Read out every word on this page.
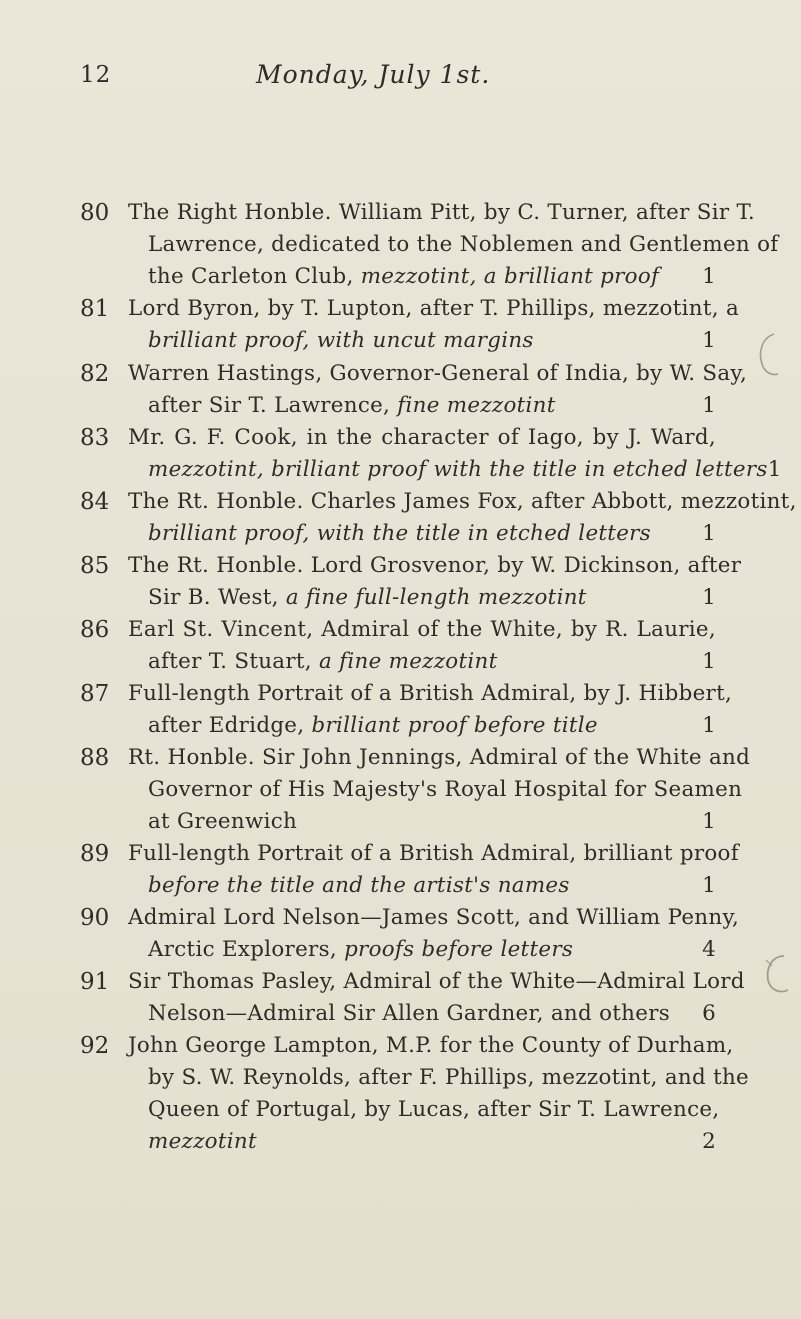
12	Monday, July 1st.
80 The Right Honble. William Pitt, by C. Turner, after Sir T.
Lawrence, dedicated to the Noblemen and Gentlemen of
the Carleton Club, mezzotint, a brilliant proof 1
81 Lord Byron, by T. Lupton, after T. Phillips, mezzotint, a
brilliant proof, with uncut margins	1
82 Warren Hastings, Governor-General of India, by W. Say,
after Sir T. Lawrence, fine mezzotint	1
83 Mr. G. F. Cook, in the character of Iago, by J. Ward,
mezzotint, brilliant proof with the title in etched letters 1
84 The Rt. Honble. Charles James Fox, after Abbott, mezzotint,
brilliant proof, with the title in etched letters 1
85 The Rt. Honble. Lord Grosvenor, by W. Dickinson, after
Sir B. West, a fine full-length mezzotint	1
86 Earl St. Vincent, Admiral of the White, by R. Laurie,
after T. Stuart, a fine mezzotint	1
87 Full-length Portrait of a British Admiral, by J. Hibbert,
after Edridge, brilliant proof before title	1
88 Rt. Honble. Sir John Jennings, Admiral of the White and
Governor of His Majesty's Royal Hospital for Seamen
at Greenwich	1
89 Full-length Portrait of a British Admiral, brilliant proof
before the title and the artist's names	1
90 Admiral Lord Nelson—James Scott, and William Penny,
Arctic Explorers, proofs before letters	4
91 Sir Thomas Pasley, Admiral of the White—Admiral Lord
Nelson—Admiral Sir Allen Gardner, and others 6
92 John George Lampton, M.P. for the County of Durham,
by S. W. Reynolds, after F. Phillips, mezzotint, and the
Queen of Portugal, by Lucas, after Sir T. Lawrence,
mezzotint	2
